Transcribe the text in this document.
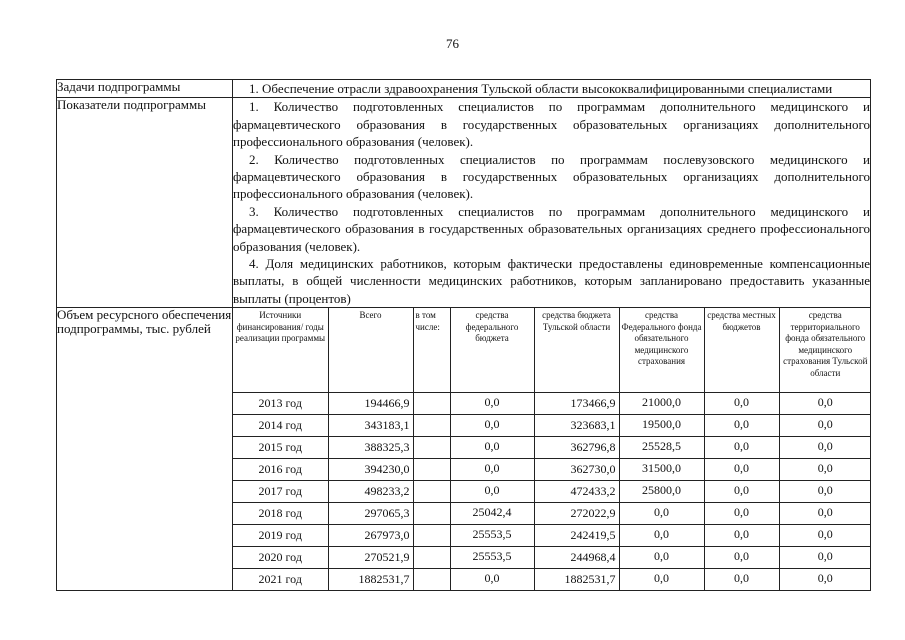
76
Задачи подпрограммы	1. Обеспечение отрасли здравоохранения Тульской области высококвалифицированными специалистами

Показатели подпрограммы	1. Количество подготовленных специалистов по программам дополнительного медицинского и фармацевтического образования в государственных образовательных организациях дополнительного профессионального образования (человек).

2. Количество подготовленных специалистов по программам послевузовского медицинского и фармацевтического образования в государственных образовательных организациях дополнительного профессионального образования (человек).

3. Количество подготовленных специалистов по программам дополнительного медицинского и фармацевтического образования в государственных образовательных организациях среднего профессионального образования (человек).

4. Доля медицинских работников, которым фактически предоставлены единовременные компенсационные выплаты, в общей численности медицинских работников, которым запланировано предоставить указанные выплаты (процентов)

Объем ресурсного обеспечения подпрограммы, тыс. рублей	
Источники финансирования/ годы реализации программы	Всего	в том числе:	средства федерального бюджета	средства бюджета Тульской области	средства Федерального фонда обязательного медицинского страхования	средства местных бюджетов	средства территориального фонда обязательного медицинского страхования Тульской области
2013 год	194466,9		0,0	173466,9	21000,0	0,0	0,0
2014 год	343183,1		0,0	323683,1	19500,0	0,0	0,0
2015 год	388325,3		0,0	362796,8	25528,5	0,0	0,0
2016 год	394230,0		0,0	362730,0	31500,0	0,0	0,0
2017 год	498233,2		0,0	472433,2	25800,0	0,0	0,0
2018 год	297065,3		25042,4	272022,9	0,0	0,0	0,0
2019 год	267973,0		25553,5	242419,5	0,0	0,0	0,0
2020 год	270521,9		25553,5	244968,4	0,0	0,0	0,0
2021 год	1882531,7		0,0	1882531,7	0,0	0,0	0,0
